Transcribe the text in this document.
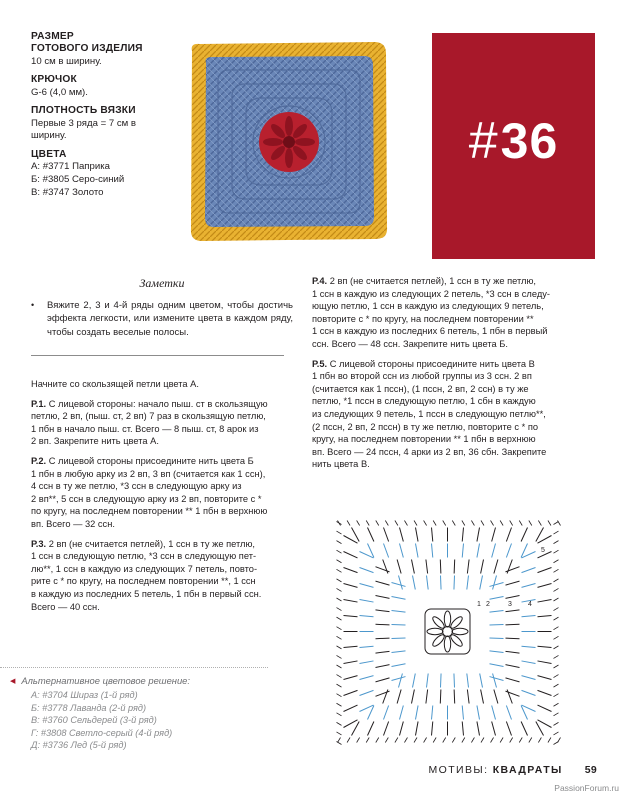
РАЗМЕР
ГОТОВОГО ИЗДЕЛИЯ
10 см в ширину.
КРЮЧОК
G-6 (4,0 мм).
ПЛОТНОСТЬ ВЯЗКИ
Первые 3 ряда = 7 см в
ширину.
ЦВЕТА
А: #3771 Паприка
Б: #3805 Серо-синий
В: #3747 Золото
#36
Заметки
•	Вяжите 2, 3 и 4-й ряды одним цветом, чтобы достичь эффекта легкости, или измените цвета в каждом ряду, чтобы создать веселые полосы.
Начните со скользящей петли цвета А.
Р.1. С лицевой стороны: начало пыш. ст в скользящую
петлю, 2 вп, (пыш. ст, 2 вп) 7 раз в скользящую петлю,
1 пбн в начало пыш. ст. Всего — 8 пыш. ст, 8 арок из
2 вп. Закрепите нить цвета А.
Р.2. С лицевой стороны присоедините нить цвета Б
1 пбн в любую арку из 2 вп, 3 вп (считается как 1 ссн),
4 ссн в ту же петлю, *3 ссн в следующую арку из
2 вп**, 5 ссн в следующую арку из 2 вп, повторите с *
по кругу, на последнем повторении ** 1 пбн в верхнюю
вп. Всего — 32 ссн.
Р.3. 2 вп (не считается петлей), 1 ссн в ту же петлю,
1 ссн в следующую петлю, *3 ссн в следующую пет-
лю**, 1 ссн в каждую из следующих 7 петель, повто-
рите с * по кругу, на последнем повторении **, 1 ссн
в каждую из последних 5 петель, 1 пбн в первый ссн.
Всего — 40 ссн.
Р.4. 2 вп (не считается петлей), 1 ссн в ту же петлю,
1 ссн в каждую из следующих 2 петель, *3 ссн в следу-
ющую петлю, 1 ссн в каждую из следующих 9 петель,
повторите с * по кругу, на последнем повторении **
1 ссн в каждую из последних 6 петель, 1 пбн в первый
ссн. Всего — 48 ссн. Закрепите нить цвета Б.
Р.5. С лицевой стороны присоедините нить цвета В
1 пбн во второй ссн из любой группы из 3 ссн. 2 вп
(считается как 1 пссн), (1 пссн, 2 вп, 2 ссн) в ту же
петлю, *1 пссн в следующую петлю, 1 сбн в каждую
из следующих 9 петель, 1 пссн в следующую петлю**,
(2 пссн, 2 вп, 2 пссн) в ту же петлю, повторите с * по
кругу, на последнем повторении ** 1 пбн в верхнюю
вп. Всего — 24 пссн, 4 арки из 2 вп, 36 сбн. Закрепите
нить цвета В.
◀ Альтернативное цветовое решение:
А: #3704 Шираз (1-й ряд)
Б: #3778 Лаванда (2-й ряд)
В: #3760 Сельдерей (3-й ряд)
Г: #3808 Светло-серый (4-й ряд)
Д: #3736 Лед (5-й ряд)
1 2	3 4
5
МОТИВЫ: КВАДРАТЫ 59
PassionForum.ru
